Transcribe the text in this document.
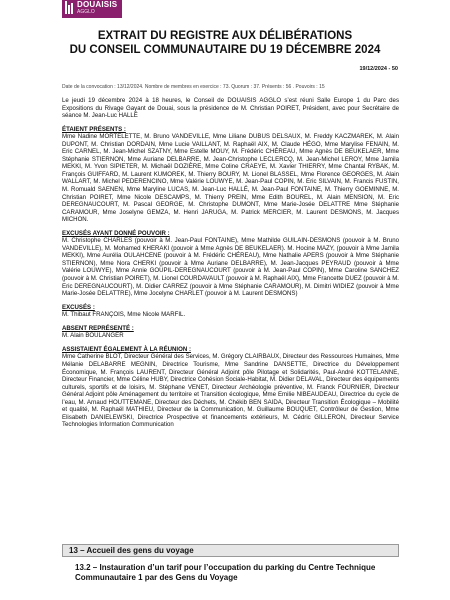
DOUAISIS
AGGLO
EXTRAIT DU REGISTRE AUX DÉLIBÉRATIONS
DU CONSEIL COMMUNAUTAIRE DU 19 DÉCEMBRE 2024
19/12/2024 - 50
Date de la convocation : 13/12/2024. Nombre de membres en exercice : 73. Quorum : 37. Présents : 56 . Pouvoirs : 15

Le jeudi 19 décembre 2024 à 18 heures, le Conseil de DOUAISIS AGGLO s’est réuni Salle Europe 1 du Parc des Expositions du Rivage Gayant de Douai, sous la présidence de M. Christian POIRET, Président, avec pour Secrétaire de séance M. Jean-Luc HALLÉ

ÉTAIENT PRÉSENTS :

Mme Nadine MORTELETTE, M. Bruno VANDEVILLE, Mme Liliane DUBUS DELSAUX, M. Freddy KACZMAREK, M. Alain DUPONT, M. Christian DORDAIN, Mme Lucie VAILLANT, M. Raphaël AIX, M. Claude HÉGO, Mme Marylise FENAIN, M. Eric CARNEL, M. Jean-Michel SZATNY, Mme Estelle MOUY, M. Frédéric CHÉREAU, Mme Agnès DE BEUKELAER, Mme Stéphanie STIERNON, Mme Auriane DELBARRE, M. Jean-Christophe LECLERCQ, M. Jean-Michel LEROY, Mme Jamila MEKKI, M. Yvon SIPIETER, M. Michaël DOZIÈRE, Mme Coline CRAEYE, M. Xavier THIERRY, Mme Chantal RYBAK, M. François GUIFFARD, M. Laurent KUMOREK, M. Thierry BOURY, M. Lionel BLASSEL, Mme Florence GEORGES, M. Alain WALLART, M. Michel PEDERENCINO, Mme Valérie LOUWYE, M. Jean-Paul COPIN, M. Eric SILVAIN, M. Francis FUSTIN, M. Romuald SAENEN, Mme Maryline LUCAS, M. Jean-Luc HALLÉ, M. Jean-Paul FONTAINE, M. Thierry GOEMINNE, M. Christian POIRET, Mme Nicole DESCAMPS, M. Thierry PREIN, Mme Edith BOUREL, M. Alain MENSION, M. Eric DEREGNAUCOURT, M. Pascal GEORGE, M. Christophe DUMONT, Mme Marie-Josée DELATTRE Mme Stéphanie CARAMOUR, Mme Joselyne GEMZA, M. Henri JARUGA, M. Patrick MERCIER, M. Laurent DESMONS, M. Jacques MICHON.

EXCUSÉS AYANT DONNÉ POUVOIR :

M. Christophe CHARLES (pouvoir à M. Jean-Paul FONTAINE), Mme Mathilde GUILAIN-DESMONS (pouvoir à M. Bruno VANDEVILLE), M. Mohamed KHERAKI (pouvoir à Mme Agnès DE BEUKELAER). M. Hocine MAZY, (pouvoir à Mme Jamila MEKKI), Mme Aurélia OULAHCENE (pouvoir à M. Frédéric CHÉREAU), Mme Nathalie APERS (pouvoir à Mme Stéphanie STIERNON), Mme Nora CHERKI (pouvoir à Mme Auriane DELBARRE), M. Jean-Jacques PEYRAUD (pouvoir à Mme Valérie LOUWYE), Mme Annie GOUPIL-DEREGNAUCOURT (pouvoir à M. Jean-Paul COPIN), Mme Caroline SANCHEZ (pouvoir à M. Christian POIRET), M. Lionel COURDAVAULT (pouvoir à M. Raphaël AIX), Mme Francette DUEZ (pouvoir à M. Eric DEREGNAUCOURT), M. Didier CARREZ (pouvoir à Mme Stéphanie CARAMOUR), M. Dimitri WIDIEZ (pouvoir à Mme Marie-Josée DELATTRE), Mme Jocelyne CHARLET (pouvoir à M. Laurent DESMONS)

EXCUSÉS :

M. Thibaut FRANÇOIS, Mme Nicole MARFIL.

ABSENT REPRÉSENTÉ :

M. Alain BOULANGER

ASSISTAIENT ÉGALEMENT À LA RÉUNION :

Mme Catherine BLOT, Directeur Général des Services, M. Grégory CLAIRBAUX, Directeur des Ressources Humaines, Mme Mélanie DELABARRE MEGNIN, Directrice Tourisme, Mme Sandrine DANSETTE, Directrice du Développement Économique, M. François LAURENT, Directeur Général Adjoint pôle Pilotage et Solidarités, Paul-André KOTTELANNE, Directeur Financier, Mme Céline HUBY, Directrice Cohésion Sociale-Habitat, M. Didier DELAVAL, Directeur des équipements culturels, sportifs et de loisirs, M. Stéphane VENET, Directeur Archéologie préventive, M. Franck FOURNIER, Directeur Général Adjoint pôle Aménagement du territoire et Transition écologique, Mme Emilie NIBEAUDEAU, Directrice du cycle de l’eau, M. Arnaud HOUTTEMANE, Directeur des Déchets, M. Chékib BEN SAIDA, Directeur Transition Écologique – Mobilité et qualité, M. Raphaël MATHIEU, Directeur de la Communication, M. Guillaume BOUQUET, Contrôleur de Gestion, Mme Elisabeth DANIELEWSKI, Directrice Prospective et financements extérieurs, M. Cédric GILLERON, Directeur Service Technologies Information Communication

13 – Accueil des gens du voyage
13.2 – Instauration d’un tarif pour l’occupation du parking du Centre Technique Communautaire 1 par des Gens du Voyage
